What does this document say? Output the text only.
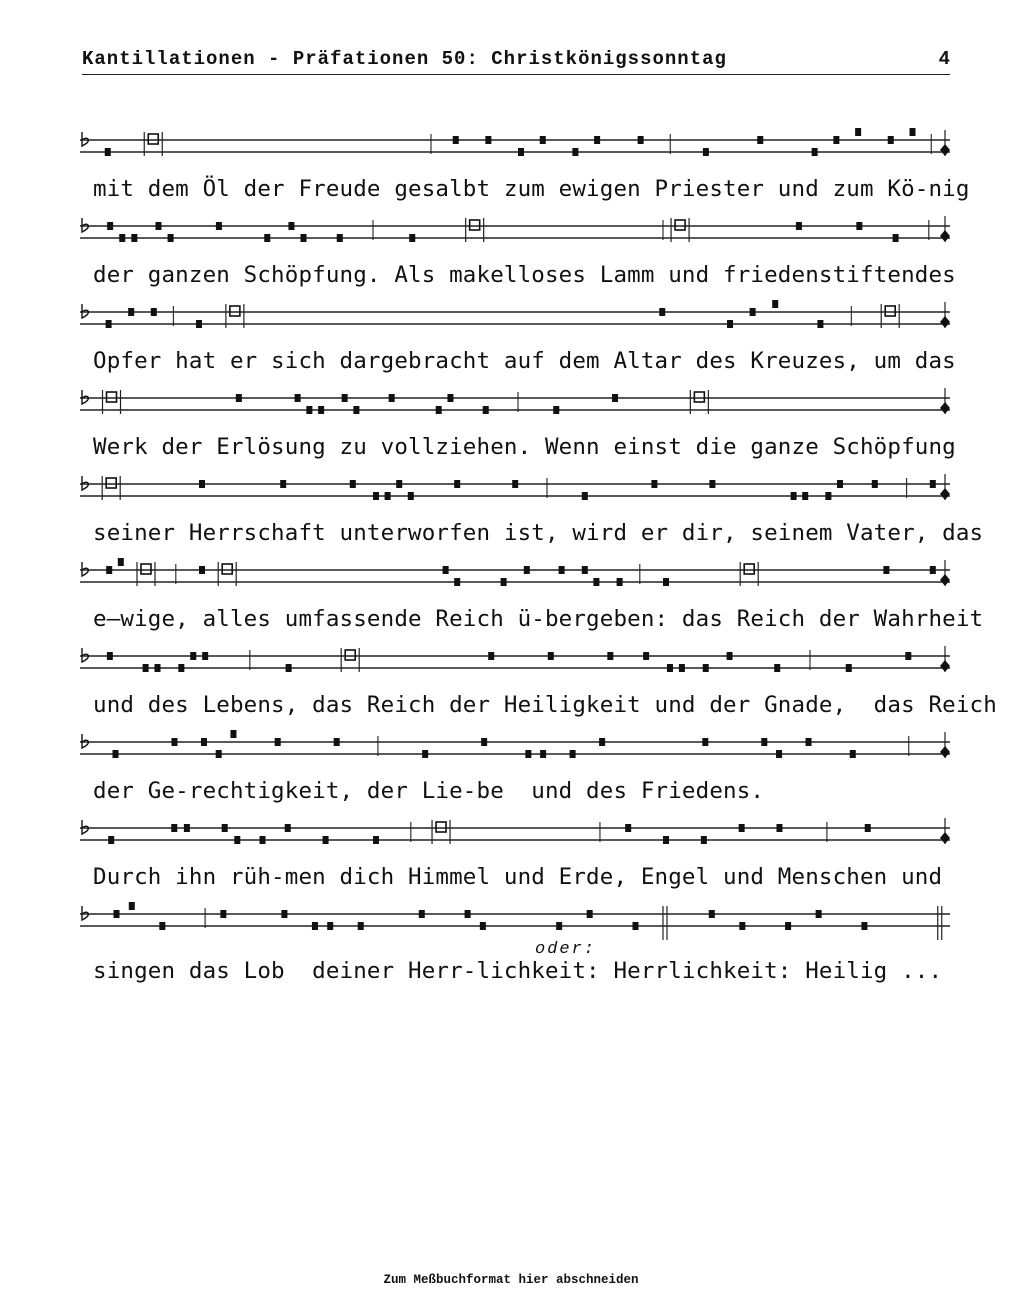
Kantillationen - Präfationen 50: Christkönigssonntag	4
mit dem Öl der Freude gesalbt zum ewigen Priester und zum Kö-nig
der ganzen Schöpfung. Als makelloses Lamm und friedenstiftendes
Opfer hat er sich dargebracht auf dem Altar des Kreuzes, um das
Werk der Erlösung zu vollziehen. Wenn einst die ganze Schöpfung
seiner Herrschaft unterworfen ist, wird er dir, seinem Vater, das
e—wige, alles umfassende Reich ü-bergeben: das Reich der Wahrheit
und des Lebens, das Reich der Heiligkeit und der Gnade,  das Reich
der Ge-rechtigkeit, der Lie-be  und des Friedens.
Durch ihn rüh-men dich Himmel und Erde, Engel und Menschen und
oder:
singen das Lob  deiner Herr-lichkeit: Herrlichkeit: Heilig ...
Zum Meßbuchformat hier abschneiden
